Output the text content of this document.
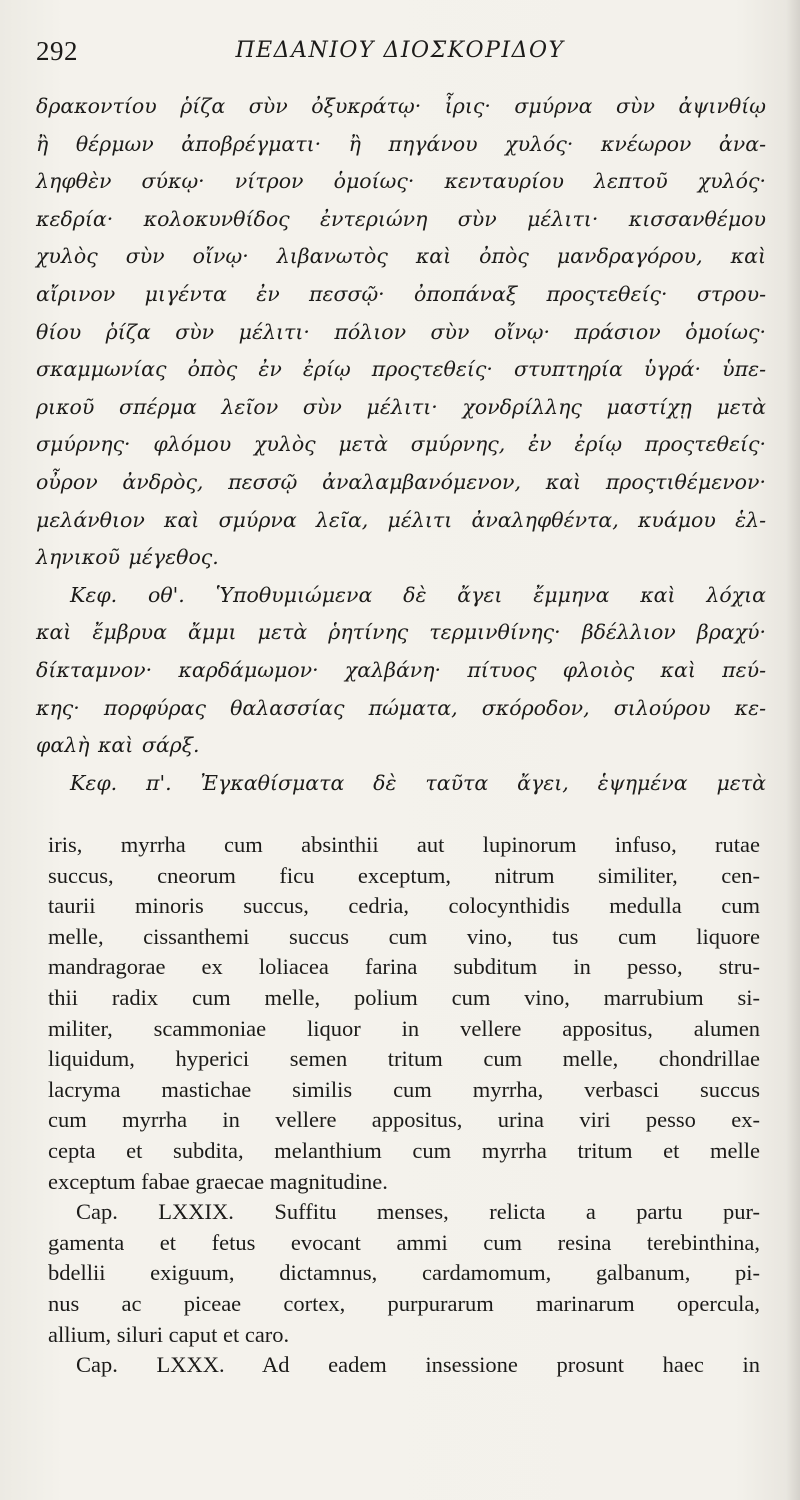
292	ΠΕΔΑΝΙΟΥ ΔΙΟΣΚΟΡΙΔΟΥ
δρακοντίου ῥίζα σὺν ὀξυκράτῳ· ἶρις· σμύρνα σὺν ἀψινθίῳ
ἢ θέρμων ἀποβρέγματι· ἢ πηγάνου χυλός· κνέωρον ἀνα-
ληφθὲν σύκῳ· νίτρον ὁμοίως· κενταυρίου λεπτοῦ χυλός·
κεδρία· κολοκυνθίδος ἐντεριώνη σὺν μέλιτι· κισσανθέμου
χυλὸς σὺν οἴνῳ· λιβανωτὸς καὶ ὀπὸς μανδραγόρου, καὶ
αἴρινον μιγέντα ἐν πεσσῷ· ὀποπάναξ προςτεθείς· στρου-
θίου ῥίζα σὺν μέλιτι· πόλιον σὺν οἴνῳ· πράσιον ὁμοίως·
σκαμμωνίας ὀπὸς ἐν ἐρίῳ προςτεθείς· στυπτηρία ὑγρά· ὑπε-
ρικοῦ σπέρμα λεῖον σὺν μέλιτι· χονδρίλλης μαστίχῃ μετὰ
σμύρνης· φλόμου χυλὸς μετὰ σμύρνης, ἐν ἐρίῳ προςτεθείς·
οὖρον ἀνδρὸς, πεσσῷ ἀναλαμβανόμενον, καὶ προςτιθέμενον·
μελάνθιον καὶ σμύρνα λεῖα, μέλιτι ἀναληφθέντα, κυάμου ἑλ-
ληνικοῦ μέγεθος.
Κεφ. οθ'. Ὑποθυμιώμενα δὲ ἄγει ἔμμηνα καὶ λόχια
καὶ ἔμβρυα ἄμμι μετὰ ῥητίνης τερμινθίνης· βδέλλιον βραχύ·
δίκταμνον· καρδάμωμον· χαλβάνη· πίτυος φλοιὸς καὶ πεύ-
κης· πορφύρας θαλασσίας πώματα, σκόροδον, σιλούρου κε-
φαλὴ καὶ σάρξ.
Κεφ. π'. Ἐγκαθίσματα δὲ ταῦτα ἄγει, ἑψημένα μετὰ
iris, myrrha cum absinthii aut lupinorum infuso, rutae
succus, cneorum ficu exceptum, nitrum similiter, cen-
taurii minoris succus, cedria, colocynthidis medulla cum
melle, cissanthemi succus cum vino, tus cum liquore
mandragorae ex loliacea farina subditum in pesso, stru-
thii radix cum melle, polium cum vino, marrubium si-
militer, scammoniae liquor in vellere appositus, alumen
liquidum, hyperici semen tritum cum melle, chondrillae
lacryma mastichae similis cum myrrha, verbasci succus
cum myrrha in vellere appositus, urina viri pesso ex-
cepta et subdita, melanthium cum myrrha tritum et melle
exceptum fabae graecae magnitudine.
Cap. LXXIX. Suffitu menses, relicta a partu pur-
gamenta et fetus evocant ammi cum resina terebinthina,
bdellii exiguum, dictamnus, cardamomum, galbanum, pi-
nus ac piceae cortex, purpurarum marinarum opercula,
allium, siluri caput et caro.
Cap. LXXX. Ad eadem insessione prosunt haec in
